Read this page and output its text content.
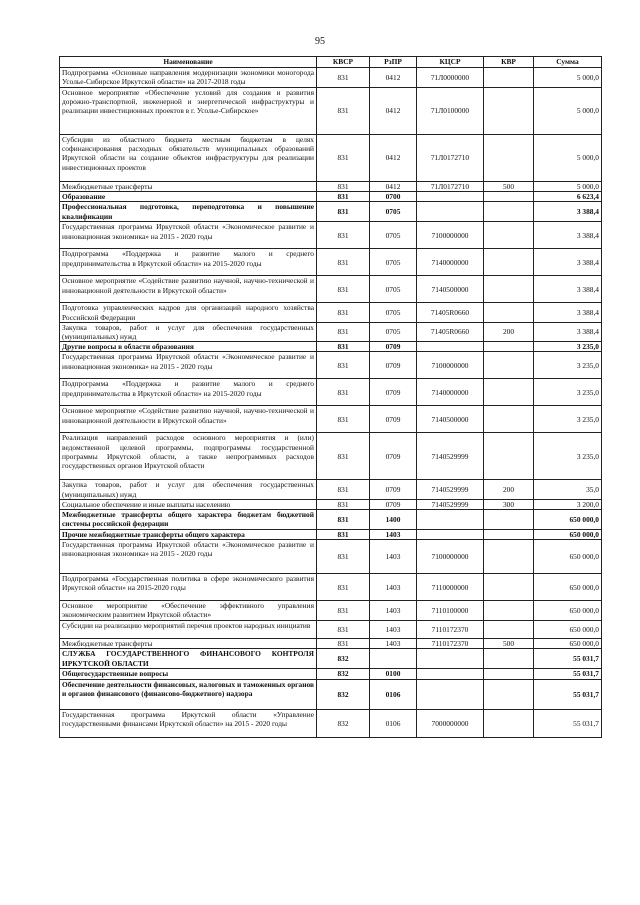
95
Наименование	КВСР	РзПР	КЦСР	КВР	Сумма
Подпрограмма «Основные направления модернизации экономики моногорода Усолье-Сибирское Иркутской области» на 2017-2018 годы	831	0412	71Л0000000		5 000,0
Основное мероприятие «Обеспечение условий для создания и развития дорожно-транспортной, инженерной и энергетической инфраструктуры и реализации инвестиционных проектов в г. Усолье-Сибирское»	831	0412	71Л0100000		5 000,0
Субсидии из областного бюджета местным бюджетам в целях софинансирования расходных обязательств муниципальных образований Иркутской области на создание объектов инфраструктуры для реализации инвестиционных проектов	831	0412	71Л0172710		5 000,0
Межбюджетные трансферты	831	0412	71Л0172710	500	5 000,0
Образование	831	0700			6 623,4
Профессиональная подготовка, переподготовка и повышение квалификации	831	0705			3 388,4
Государственная программа Иркутской области «Экономическое развитие и инновационная экономика» на 2015 - 2020 годы	831	0705	7100000000		3 388,4
Подпрограмма «Поддержка и развитие малого и среднего предпринимательства в Иркутской области» на 2015-2020 годы	831	0705	7140000000		3 388,4
Основное мероприятие «Содействие развитию научной, научно-технической и инновационной деятельности в Иркутской области»	831	0705	7140500000		3 388,4
Подготовка управленческих кадров для организаций народного хозяйства Российской Федерации	831	0705	71405R0660		3 388,4
Закупка товаров, работ и услуг для обеспечения государственных (муниципальных) нужд	831	0705	71405R0660	200	3 388,4
Другие вопросы в области образования	831	0709			3 235,0
Государственная программа Иркутской области «Экономическое развитие и инновационная экономика» на 2015 - 2020 годы	831	0709	7100000000		3 235,0
Подпрограмма «Поддержка и развитие малого и среднего предпринимательства в Иркутской области» на 2015-2020 годы	831	0709	7140000000		3 235,0
Основное мероприятие «Содействие развитию научной, научно-технической и инновационной деятельности в Иркутской области»	831	0709	7140500000		3 235,0
Реализация направлений расходов основного мероприятия и (или) ведомственной целевой программы, подпрограммы государственной программы Иркутской области, а также непрограммных расходов государственных органов Иркутской области	831	0709	7140529999		3 235,0
Закупка товаров, работ и услуг для обеспечения государственных (муниципальных) нужд	831	0709	7140529999	200	35,0
Социальное обеспечение и иные выплаты населению	831	0709	7140529999	300	3 200,0
Межбюджетные трансферты общего характера бюджетам бюджетной системы российской федерации	831	1400			650 000,0
Прочие межбюджетные трансферты общего характера	831	1403			650 000,0
Государственная программа Иркутской области «Экономическое развитие и инновационная экономика» на 2015 - 2020 годы	831	1403	7100000000		650 000,0
Подпрограмма «Государственная политика в сфере экономического развития Иркутской области» на 2015-2020 годы	831	1403	7110000000		650 000,0
Основное мероприятие «Обеспечение эффективного управления экономическим развитием Иркутской области»	831	1403	7110100000		650 000,0
Субсидии на реализацию мероприятий перечня проектов народных инициатив	831	1403	7110172370		650 000,0
Межбюджетные трансферты	831	1403	7110172370	500	650 000,0
СЛУЖБА ГОСУДАРСТВЕННОГО ФИНАНСОВОГО КОНТРОЛЯ ИРКУТСКОЙ ОБЛАСТИ	832				55 031,7
Общегосударственные вопросы	832	0100			55 031,7
Обеспечение деятельности финансовых, налоговых и таможенных органов и органов финансового (финансово-бюджетного) надзора	832	0106			55 031,7
Государственная программа Иркутской области «Управление государственными финансами Иркутской области» на 2015 - 2020 годы	832	0106	7000000000		55 031,7
